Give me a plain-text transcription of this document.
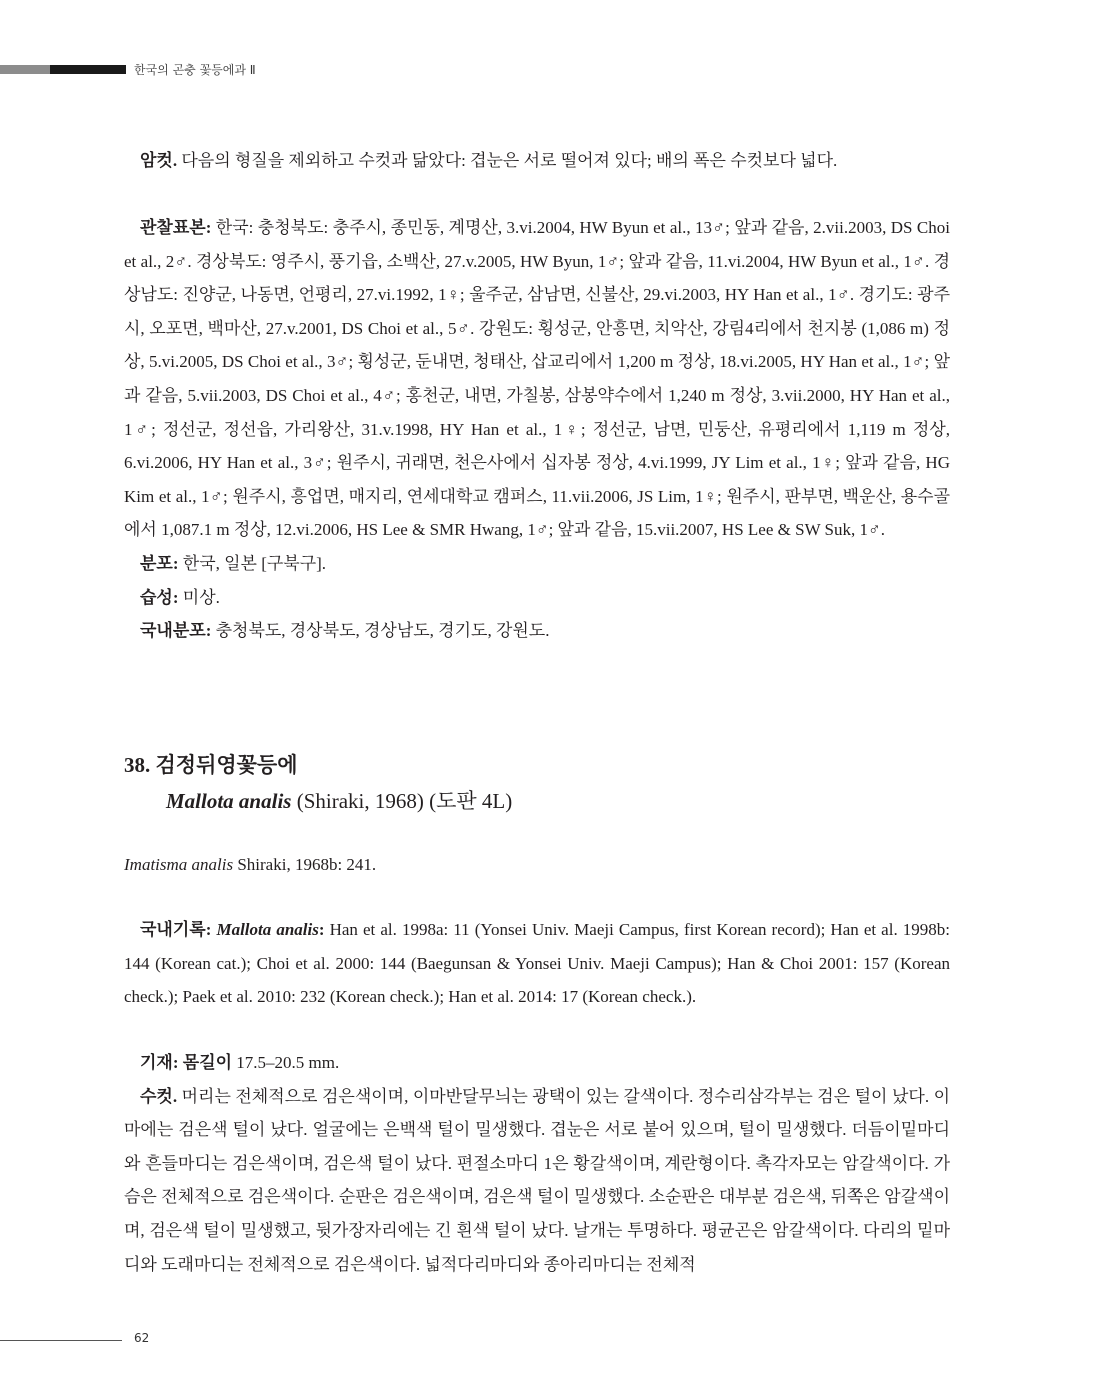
한국의 곤충 꽃등에과 Ⅱ

암컷. 다음의 형질을 제외하고 수컷과 닮았다: 겹눈은 서로 떨어져 있다; 배의 폭은 수컷보다 넓다.

관찰표본: 한국: 충청북도: 충주시, 종민동, 계명산, 3.vi.2004, HW Byun et al., 13♂; 앞과 같음, 2.vii.2003, DS Choi et al., 2♂. 경상북도: 영주시, 풍기읍, 소백산, 27.v.2005, HW Byun, 1♂; 앞과 같음, 11.vi.2004, HW Byun et al., 1♂. 경상남도: 진양군, 나동면, 언평리, 27.vi.1992, 1♀; 울주군, 삼남면, 신불산, 29.vi.2003, HY Han et al., 1♂. 경기도: 광주시, 오포면, 백마산, 27.v.2001, DS Choi et al., 5♂. 강원도: 횡성군, 안흥면, 치악산, 강림4리에서 천지봉 (1,086 m) 정상, 5.vi.2005, DS Choi et al., 3♂; 횡성군, 둔내면, 청태산, 삽교리에서 1,200 m 정상, 18.vi.2005, HY Han et al., 1♂; 앞과 같음, 5.vii.2003, DS Choi et al., 4♂; 홍천군, 내면, 가칠봉, 삼봉약수에서 1,240 m 정상, 3.vii.2000, HY Han et al., 1♂; 정선군, 정선읍, 가리왕산, 31.v.1998, HY Han et al., 1♀; 정선군, 남면, 민둥산, 유평리에서 1,119 m 정상, 6.vi.2006, HY Han et al., 3♂; 원주시, 귀래면, 천은사에서 십자봉 정상, 4.vi.1999, JY Lim et al., 1♀; 앞과 같음, HG Kim et al., 1♂; 원주시, 흥업면, 매지리, 연세대학교 캠퍼스, 11.vii.2006, JS Lim, 1♀; 원주시, 판부면, 백운산, 용수골에서 1,087.1 m 정상, 12.vi.2006, HS Lee & SMR Hwang, 1♂; 앞과 같음, 15.vii.2007, HS Lee & SW Suk, 1♂.

분포: 한국, 일본 [구북구].

습성: 미상.

국내분포: 충청북도, 경상북도, 경상남도, 경기도, 강원도.

38. 검정뒤영꽃등에
Mallota analis (Shiraki, 1968) (도판 4L)

Imatisma analis Shiraki, 1968b: 241.

국내기록: Mallota analis: Han et al. 1998a: 11 (Yonsei Univ. Maeji Campus, first Korean record); Han et al. 1998b: 144 (Korean cat.); Choi et al. 2000: 144 (Baegunsan & Yonsei Univ. Maeji Campus); Han & Choi 2001: 157 (Korean check.); Paek et al. 2010: 232 (Korean check.); Han et al. 2014: 17 (Korean check.).

기재: 몸길이 17.5–20.5 mm.

수컷. 머리는 전체적으로 검은색이며, 이마반달무늬는 광택이 있는 갈색이다. 정수리삼각부는 검은 털이 났다. 이마에는 검은색 털이 났다. 얼굴에는 은백색 털이 밀생했다. 겹눈은 서로 붙어 있으며, 털이 밀생했다. 더듬이밑마디와 흔들마디는 검은색이며, 검은색 털이 났다. 편절소마디 1은 황갈색이며, 계란형이다. 촉각자모는 암갈색이다. 가슴은 전체적으로 검은색이다. 순판은 검은색이며, 검은색 털이 밀생했다. 소순판은 대부분 검은색, 뒤쪽은 암갈색이며, 검은색 털이 밀생했고, 뒷가장자리에는 긴 흰색 털이 났다. 날개는 투명하다. 평균곤은 암갈색이다. 다리의 밑마디와 도래마디는 전체적으로 검은색이다. 넓적다리마디와 종아리마디는 전체적

62
